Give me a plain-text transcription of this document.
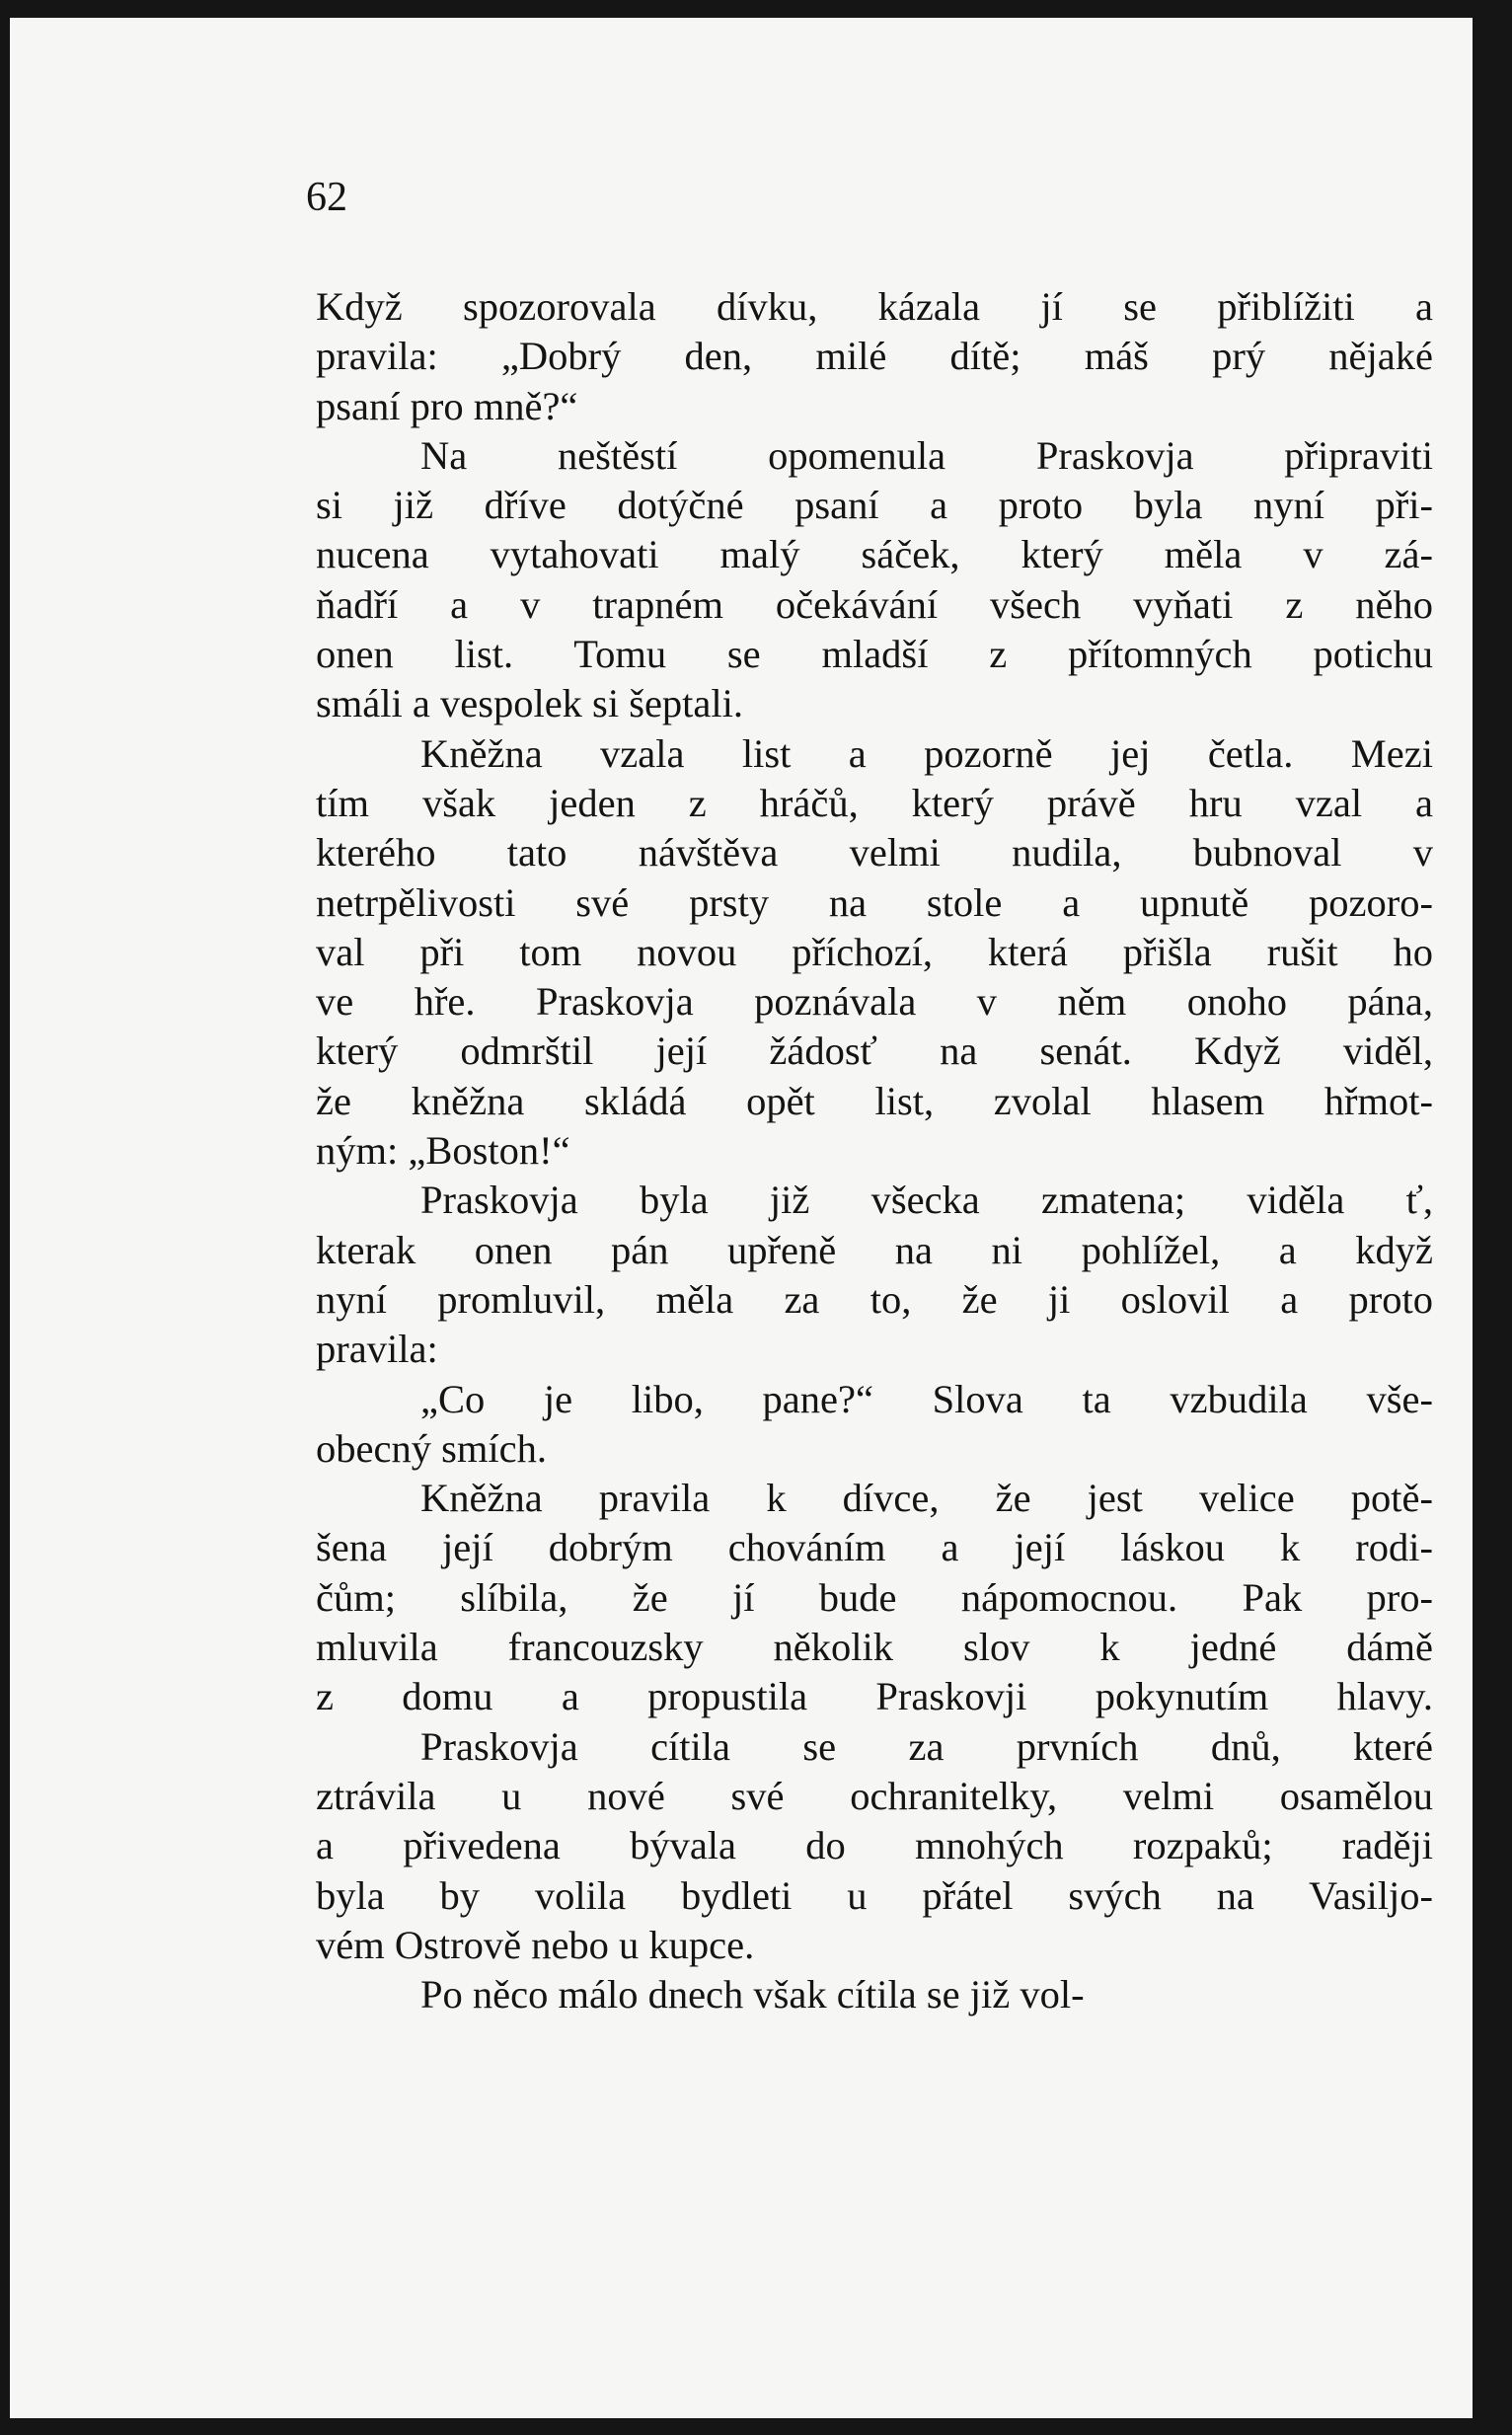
62

Když spozorovala dívku, kázala jí se přiblížiti a
pravila: „Dobrý den, milé dítě; máš prý nějaké
psaní pro mně?“
Na neštěstí opomenula Praskovja připraviti
si již dříve dotýčné psaní a proto byla nyní při-
nucena vytahovati malý sáček, který měla v zá-
ňadří a v trapném očekávání všech vyňati z něho
onen list. Tomu se mladší z přítomných potichu
smáli a vespolek si šeptali.
Kněžna vzala list a pozorně jej četla. Mezi
tím však jeden z hráčů, který právě hru vzal a
kterého tato návštěva velmi nudila, bubnoval v
netrpělivosti své prsty na stole a upnutě pozoro-
val při tom novou příchozí, která přišla rušit ho
ve hře. Praskovja poznávala v něm onoho pána,
který odmrštil její žádosť na senát. Když viděl,
že kněžna skládá opět list, zvolal hlasem hřmot-
ným: „Boston!“
Praskovja byla již všecka zmatena; viděla ť,
kterak onen pán upřeně na ni pohlížel, a když
nyní promluvil, měla za to, že ji oslovil a proto
pravila:
„Co je libo, pane?“ Slova ta vzbudila vše-
obecný smích.
Kněžna pravila k dívce, že jest velice potě-
šena její dobrým chováním a její láskou k rodi-
čům; slíbila, že jí bude nápomocnou. Pak pro-
mluvila francouzsky několik slov k jedné dámě
z domu a propustila Praskovji pokynutím hlavy.
Praskovja cítila se za prvních dnů, které
ztrávila u nové své ochranitelky, velmi osamělou
a přivedena bývala do mnohých rozpaků; raději
byla by volila bydleti u přátel svých na Vasiljo-
vém Ostrově nebo u kupce.
Po něco málo dnech však cítila se již vol-
